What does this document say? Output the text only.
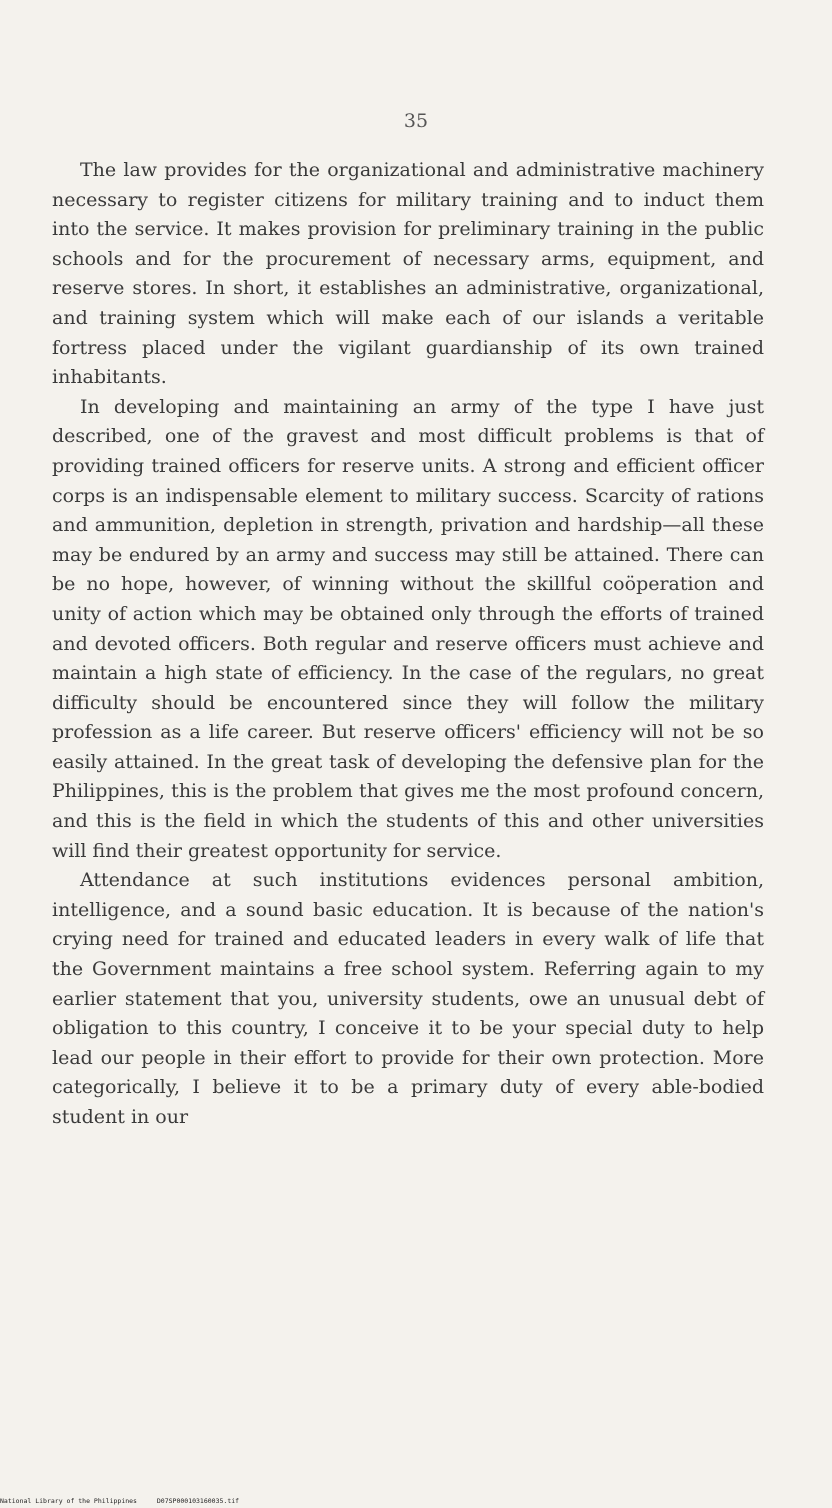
35

The law provides for the organizational and administrative machinery necessary to register citizens for military training and to induct them into the service. It makes provision for preliminary training in the public schools and for the procurement of necessary arms, equipment, and reserve stores. In short, it establishes an administrative, organizational, and training system which will make each of our islands a veritable fortress placed under the vigilant guardianship of its own trained inhabitants.

In developing and maintaining an army of the type I have just described, one of the gravest and most difficult problems is that of providing trained officers for reserve units. A strong and efficient officer corps is an indispensable element to military success. Scarcity of rations and ammunition, depletion in strength, privation and hardship—all these may be endured by an army and success may still be attained. There can be no hope, however, of winning without the skillful coöperation and unity of action which may be obtained only through the efforts of trained and devoted officers. Both regular and reserve officers must achieve and maintain a high state of efficiency. In the case of the regulars, no great difficulty should be encountered since they will follow the military profession as a life career. But reserve officers' efficiency will not be so easily attained. In the great task of developing the defensive plan for the Philippines, this is the problem that gives me the most profound concern, and this is the field in which the students of this and other universities will find their greatest opportunity for service.

Attendance at such institutions evidences personal ambition, intelligence, and a sound basic education. It is because of the nation's crying need for trained and educated leaders in every walk of life that the Government maintains a free school system. Referring again to my earlier statement that you, university students, owe an unusual debt of obligation to this country, I conceive it to be your special duty to help lead our people in their effort to provide for their own protection. More categorically, I believe it to be a primary duty of every able-bodied student in our

National Library of the Philippines	D07SP000103160035.tif
